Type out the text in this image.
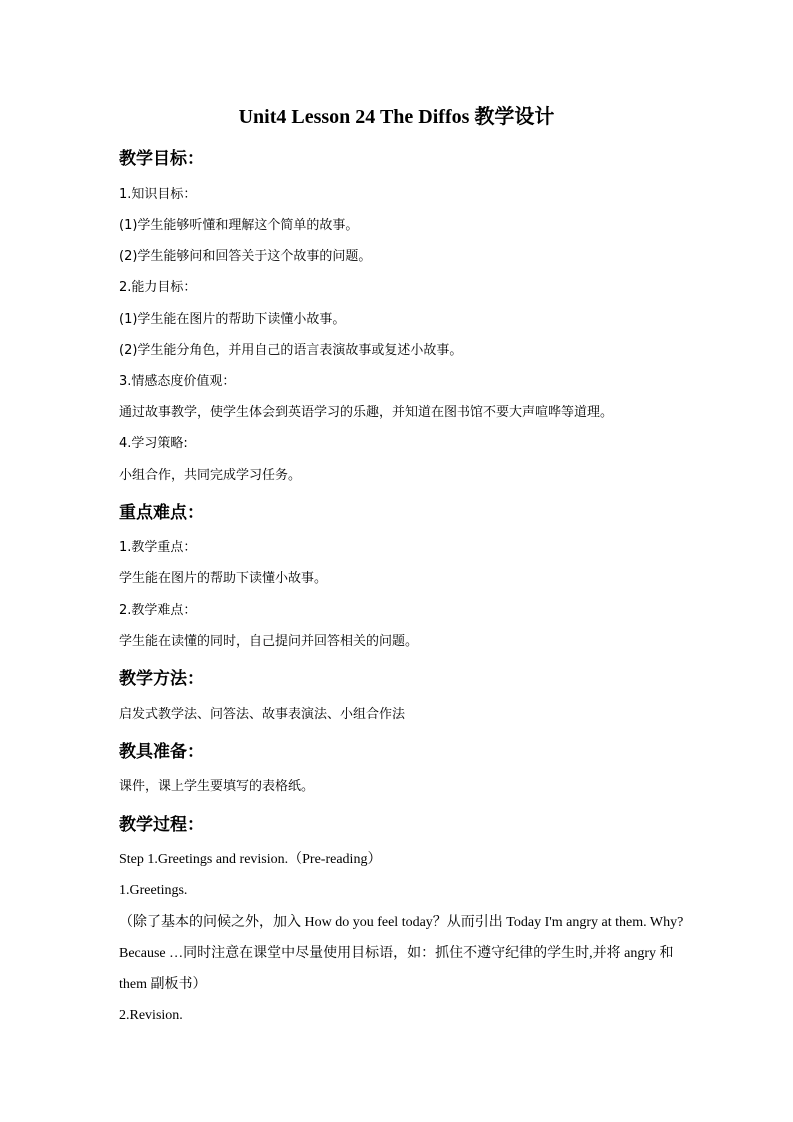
Unit4 Lesson 24 The Diffos 教学设计
教学目标：
1.知识目标：
(1)学生能够听懂和理解这个简单的故事。
(2)学生能够问和回答关于这个故事的问题。
2.能力目标：
(1)学生能在图片的帮助下读懂小故事。
(2)学生能分角色，并用自己的语言表演故事或复述小故事。
3.情感态度价值观：
通过故事教学，使学生体会到英语学习的乐趣，并知道在图书馆不要大声喧哗等道理。
4.学习策略:
小组合作，共同完成学习任务。
重点难点：
1.教学重点：
学生能在图片的帮助下读懂小故事。
2.教学难点：
学生能在读懂的同时，自己提问并回答相关的问题。
教学方法：
启发式教学法、问答法、故事表演法、小组合作法
教具准备：
课件，课上学生要填写的表格纸。
教学过程：
Step 1.Greetings and revision.（Pre-reading）
1.Greetings.
（除了基本的问候之外，加入 How do you feel today？从而引出 Today I'm angry at them. Why?
Because …同时注意在课堂中尽量使用目标语，如：抓住不遵守纪律的学生时,并将 angry 和
them 副板书）
2.Revision.
